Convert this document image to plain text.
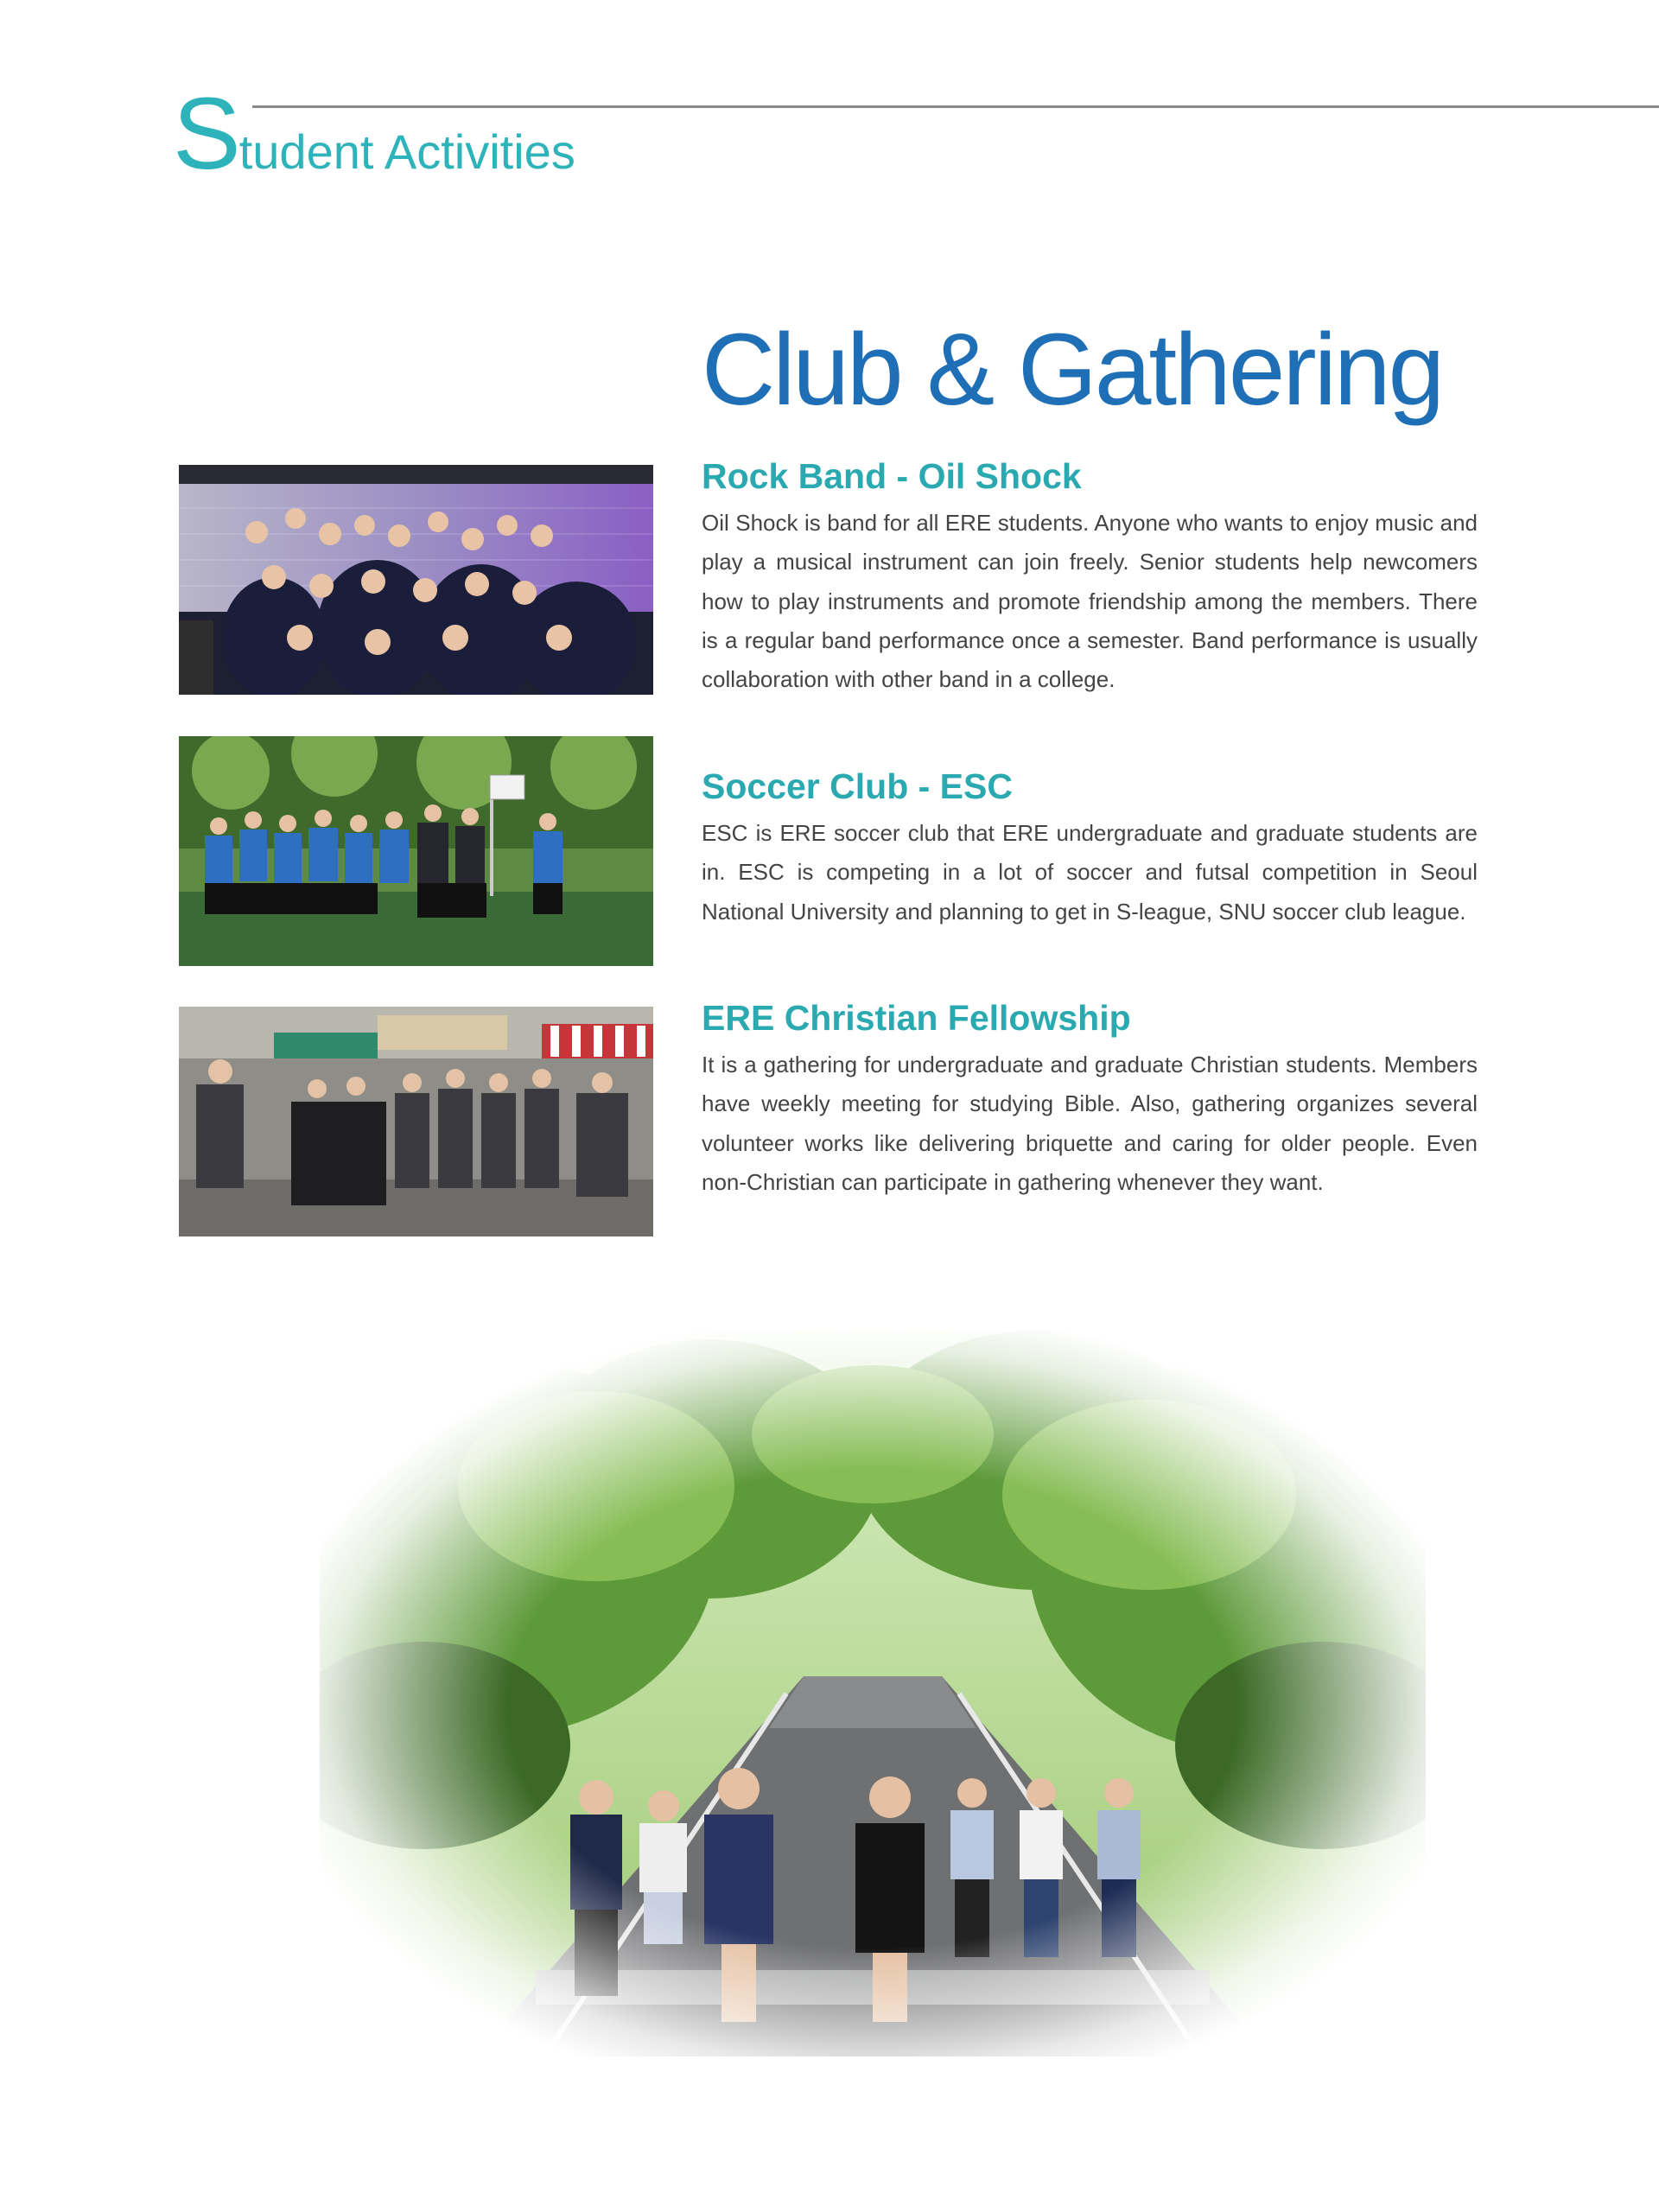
Student Activities
Club & Gathering
Rock Band - Oil Shock

Oil Shock is band for all ERE students. Anyone who wants to enjoy music and play a musical instrument can join freely. Senior students help newcomers how to play instruments and promote friendship among the members. There is a regular band performance once a semester. Band performance is usually collaboration with other band in a college.

Soccer Club - ESC

ESC is ERE soccer club that ERE undergraduate and graduate students are in. ESC is competing in a lot of soccer and futsal competition in Seoul National University and planning to get in S-league, SNU soccer club league.

ERE Christian Fellowship

It is a gathering for undergraduate and graduate Christian students. Members have weekly meeting for studying Bible. Also, gathering organizes several volunteer works like delivering briquette and caring for older people. Even non-Christian can participate in gathering whenever they want.
